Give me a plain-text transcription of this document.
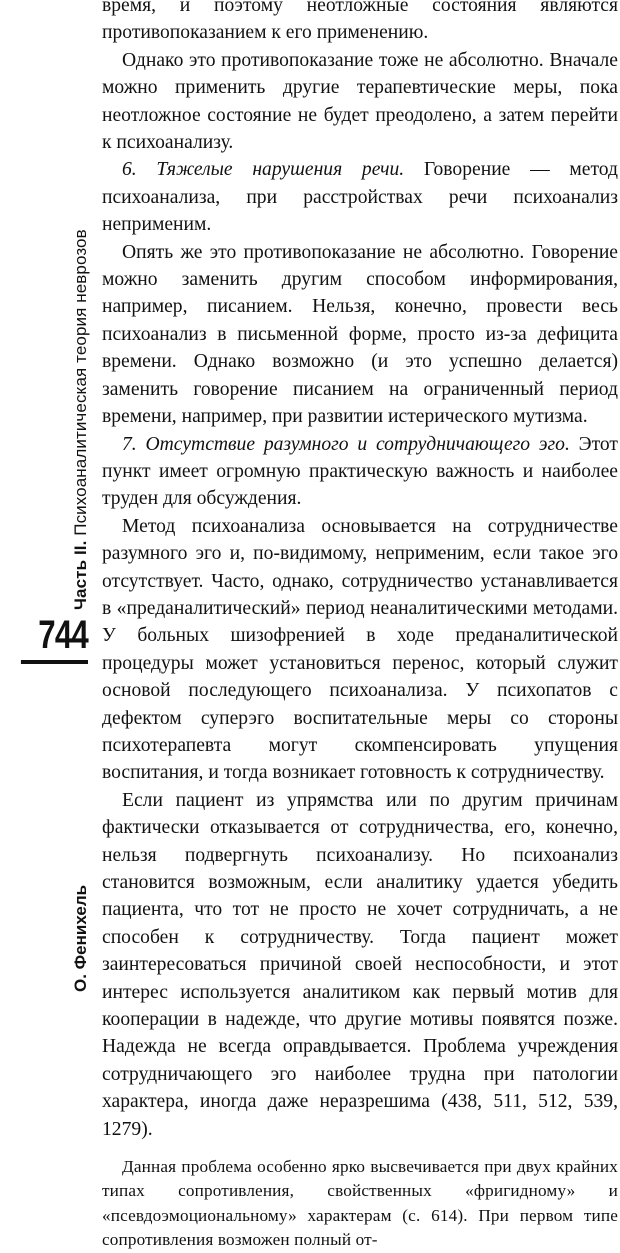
Часть II. Психоаналитическая теория неврозов
744
О. Фенихель

время, и поэтому неотложные состояния являются противопоказанием к его применению.

Однако это противопоказание тоже не абсолютно. Вначале можно применить другие терапевтические меры, пока неотложное состояние не будет преодолено, а затем перейти к психоанализу.

6. Тяжелые нарушения речи. Говорение — метод психоанализа, при расстройствах речи психоанализ неприменим.

Опять же это противопоказание не абсолютно. Говорение можно заменить другим способом информирования, например, писанием. Нельзя, конечно, провести весь психоанализ в письменной форме, просто из-за дефицита времени. Однако возможно (и это успешно делается) заменить говорение писанием на ограниченный период времени, например, при развитии истерического мутизма.

7. Отсутствие разумного и сотрудничающего эго. Этот пункт имеет огромную практическую важность и наиболее труден для обсуждения.

Метод психоанализа основывается на сотрудничестве разумного эго и, по-видимому, неприменим, если такое эго отсутствует. Часто, однако, сотрудничество устанавливается в «преданалитический» период неаналитическими методами. У больных шизофренией в ходе преданалитической процедуры может установиться перенос, который служит основой последующего психоанализа. У психопатов с дефектом суперэго воспитательные меры со стороны психотерапевта могут скомпенсировать упущения воспитания, и тогда возникает готовность к сотрудничеству.

Если пациент из упрямства или по другим причинам фактически отказывается от сотрудничества, его, конечно, нельзя подвергнуть психоанализу. Но психоанализ становится возможным, если аналитику удается убедить пациента, что тот не просто не хочет сотрудничать, а не способен к сотрудничеству. Тогда пациент может заинтересоваться причиной своей неспособности, и этот интерес используется аналитиком как первый мотив для кооперации в надежде, что другие мотивы появятся позже. Надежда не всегда оправдывается. Проблема учреждения сотрудничающего эго наиболее трудна при патологии характера, иногда даже неразрешима (438, 511, 512, 539, 1279).

Данная проблема особенно ярко высвечивается при двух крайних типах сопротивления, свойственных «фригидному» и «псевдоэмоциональному» характерам (с. 614). При первом типе сопротивления возможен полный от-
